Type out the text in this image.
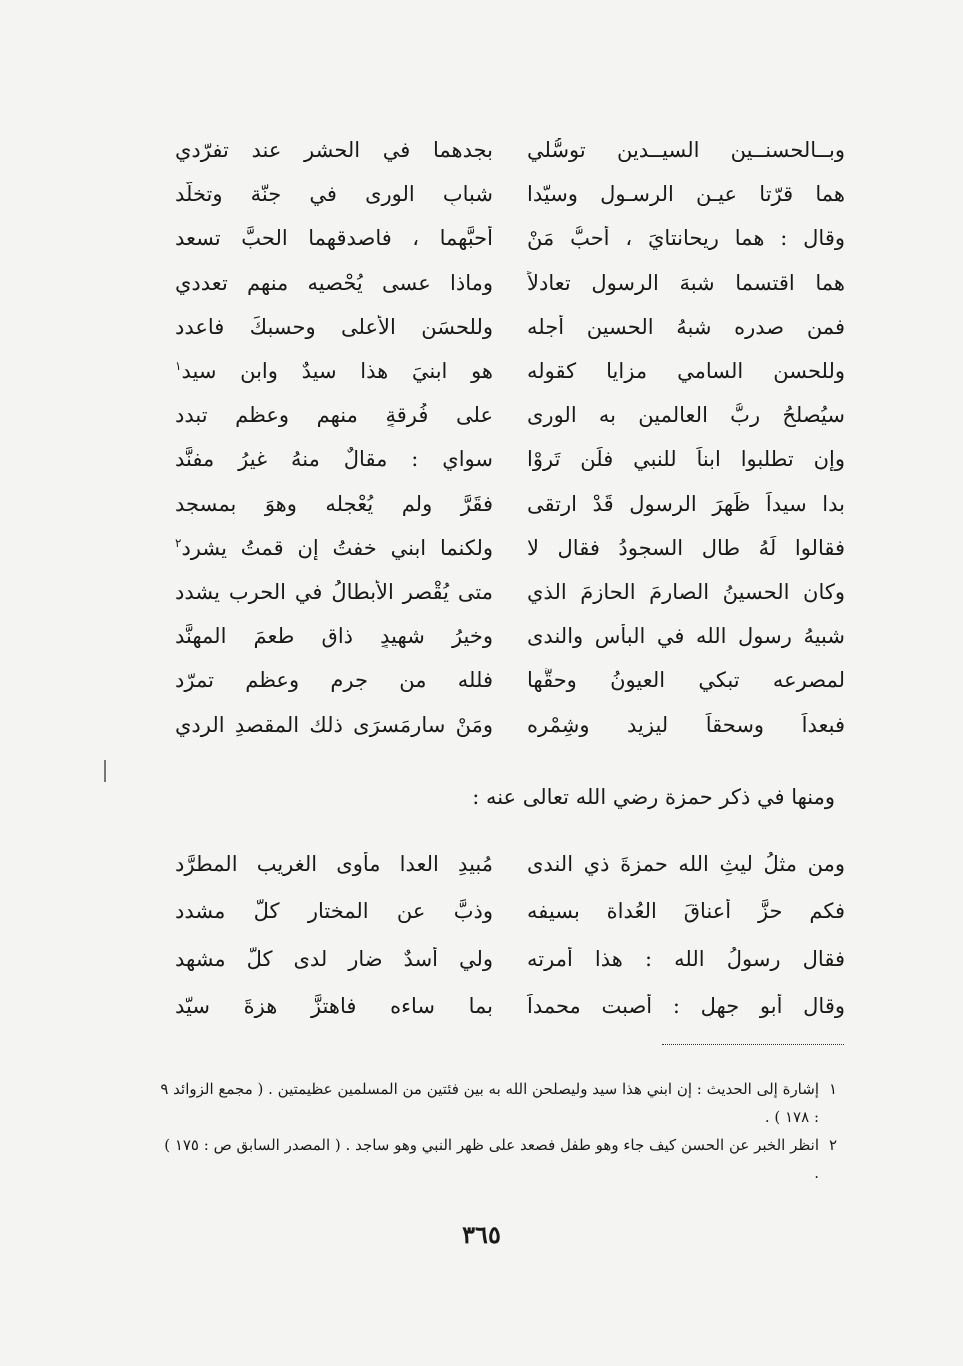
وبــالحسنــين السيــدين توسُّلي
بجدهما في الحشر عند تفرّدي
هما قرّتا عيـن الرسـول وسيّدا
شبابِ الورى في جنّة وتخلّد
وقال : هما ريحانتايَ ، أُحبُّ مَنْ
أحبَّهما ، فاصدقهما الحبَّ تسعد
هما اقتسما شبهَ الرسولِ تعادلاً
وماذا عسى يُحْصيه منهم تعددي
فمن صدره شبهُ الحسينِ أجله
وللحسَنِ الأعلى وحسبكَ فاعدد
وللحسن السامي مزايا كقوله
هو ابنيَ هذا سيدٌ وابن سيد$^١$
سيُصلحُ ربُّ العالمين به الورى
على فُرقةٍ منهم وعظمِ تبدد
وإن تطلبوا ابناً للنبي فلَن تَروْا
سواي : مقالٌ منهُ غيرُ مفنَّد
بدا سيداً ظَهرَ الرسول قَدْ ارتقى
فقَرَّ ولم يُعْجله وهوَ بمسجد
فقالوا لَهُ طال السجودُ فقال لا
ولكنما ابني خفتُ إن قمتُ يشرد$^٢$
وكان الحسينُ الصارمَ الحازمَ الذي
متى يُقْصر الأبطالُ في الحرب يشدد
شبيهُ رسولِ الله في البأسِ والندى
وخيرُ شهيدٍ ذاق طعمَ المهنَّد
لمصرعه تبكي العيونُ وحقُّها
فلله من جرمٍ وعظمِ تمرّد
فبعداً وسحقاً ليزيد وشِمْرِه
ومَنْ سارمَسرَى ذلك المقصدِ الردي
ومنها في ذكر حمزة رضي الله تعالى عنه :
ومن مثلُ ليثِ الله حمزةَ ذي الندى
مُبيدِ العدا مأوى الغريب المطرَّد
فكم حزَّ أعناقَ العُداة بسيفه
وذبَّ عن المختار كلَّ مشدد
فقال رسولُ الله : هذا أمرته
ولي أسدٌ ضارٍ لدى كلّ مشهد
وقال أبو جهلٍ : أصبت محمداً
بما ساءه فاهتزَّ هزةَ سيّد
١
إشارة إلى الحديث : إن ابني هذا سيد وليصلحن الله به بين فئتين من المسلمين عظيمتين . ( مجمع الزوائد ٩ : ١٧٨ ) .
٢
انظر الخبر عن الحسن كيف جاء وهو طفل فصعد على ظهر النبي وهو ساجد . ( المصدر السابق ص : ١٧٥ ) .
٣٦٥
